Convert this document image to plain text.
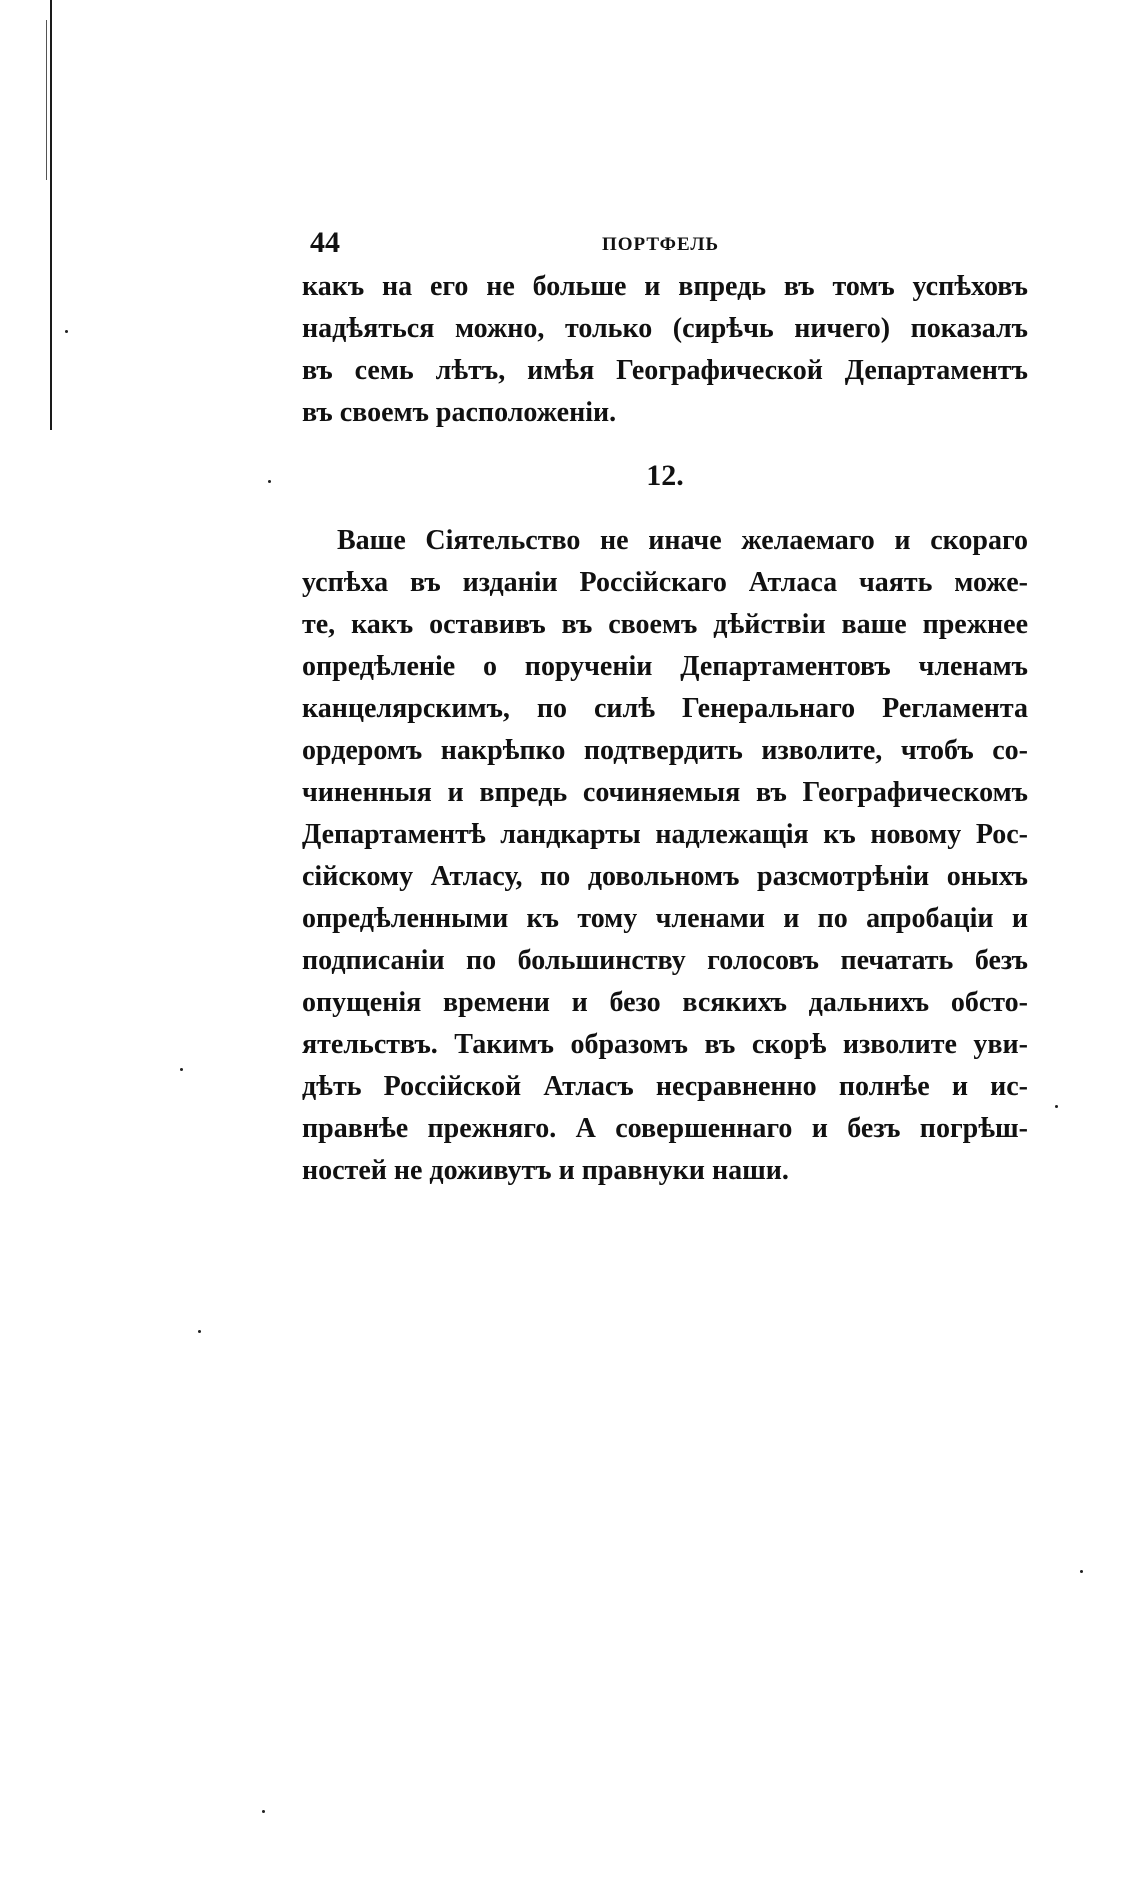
44	ПОРТФЕЛЬ
какъ на его не больше и впредь въ томъ успѣховъ
надѣяться можно, только (сирѣчь ничего) показалъ
въ семь лѣтъ, имѣя Географической Департаментъ
въ своемъ расположеніи.
12.
Ваше Сіятельство не иначе желаемаго и скораго
успѣха въ изданіи Россійскаго Атласа чаять може-
те, какъ оставивъ въ своемъ дѣйствіи ваше прежнее
опредѣленіе о порученіи Департаментовъ членамъ
канцелярскимъ, по силѣ Генеральнаго Регламента
ордеромъ накрѣпко подтвердить изволите, чтобъ со-
чиненныя и впредь сочиняемыя въ Географическомъ
Департаментѣ ландкарты надлежащія къ новому Рос-
сійскому Атласу, по довольномъ разсмотрѣніи оныхъ
опредѣленными къ тому членами и по апробаціи и
подписаніи по большинству голосовъ печатать безъ
опущенія времени и безо всякихъ дальнихъ обсто-
ятельствъ. Такимъ образомъ въ скорѣ изволите уви-
дѣть Россійской Атласъ несравненно полнѣе и ис-
правнѣе прежняго. А совершеннаго и безъ погрѣш-
ностей не доживутъ и правнуки наши.
